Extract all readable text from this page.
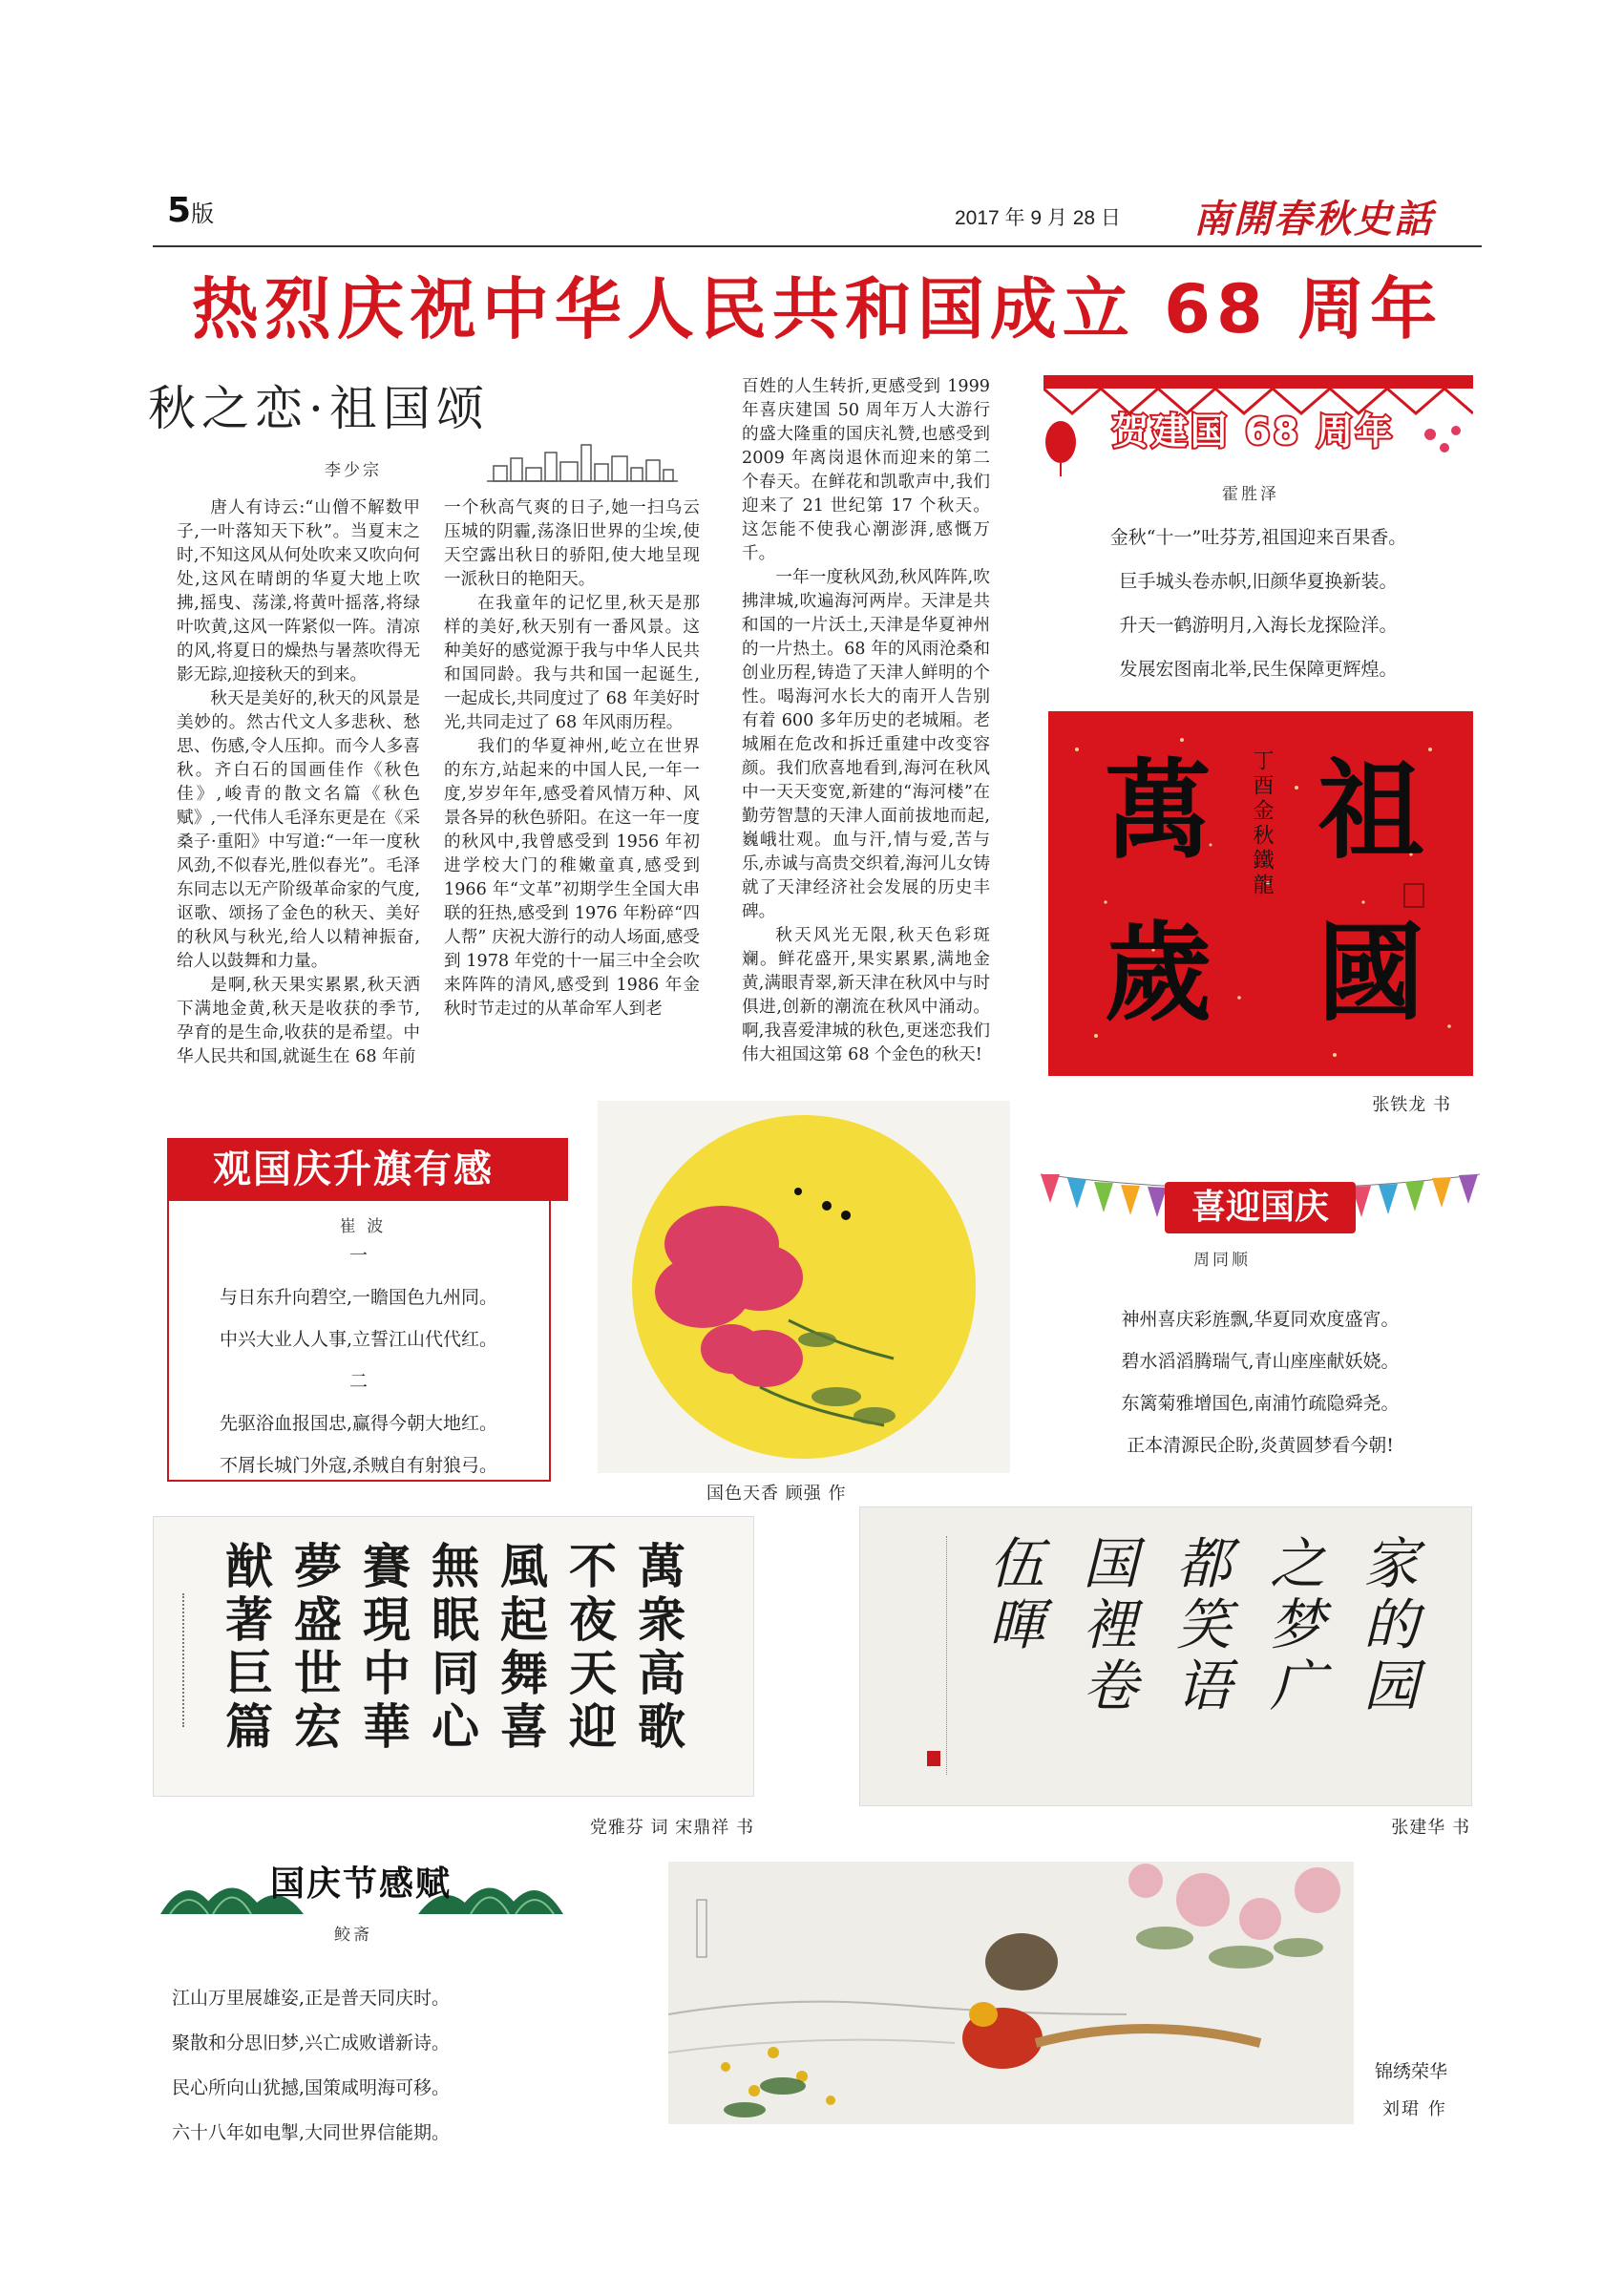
5版	2017 年 9 月 28 日 南開春秋史話
热烈庆祝中华人民共和国成立 68 周年
秋之恋·祖国颂
李少宗

唐人有诗云:“山僧不解数甲子,一叶落知天下秋”。当夏末之时,不知这风从何处吹来又吹向何处,这风在晴朗的华夏大地上吹拂,摇曳、荡漾,将黄叶摇落,将绿叶吹黄,这风一阵紧似一阵。清凉的风,将夏日的燥热与暑蒸吹得无影无踪,迎接秋天的到来。

秋天是美好的,秋天的风景是美妙的。然古代文人多悲秋、愁思、伤感,令人压抑。而今人多喜秋。齐白石的国画佳作《秋色佳》,峻青的散文名篇《秋色赋》,一代伟人毛泽东更是在《采桑子·重阳》中写道:“一年一度秋风劲,不似春光,胜似春光”。毛泽东同志以无产阶级革命家的气度,讴歌、颂扬了金色的秋天、美好的秋风与秋光,给人以精神振奋,给人以鼓舞和力量。

是啊,秋天果实累累,秋天洒下满地金黄,秋天是收获的季节,孕育的是生命,收获的是希望。中华人民共和国,就诞生在 68 年前

一个秋高气爽的日子,她一扫乌云压城的阴霾,荡涤旧世界的尘埃,使天空露出秋日的骄阳,使大地呈现一派秋日的艳阳天。

在我童年的记忆里,秋天是那样的美好,秋天别有一番风景。这种美好的感觉源于我与中华人民共和国同龄。我与共和国一起诞生,一起成长,共同度过了 68 年美好时光,共同走过了 68 年风雨历程。

我们的华夏神州,屹立在世界的东方,站起来的中国人民,一年一度,岁岁年年,感受着风情万种、风景各异的秋色骄阳。在这一年一度的秋风中,我曾感受到 1956 年初进学校大门的稚嫩童真,感受到 1966 年“文革”初期学生全国大串联的狂热,感受到 1976 年粉碎“四人帮” 庆祝大游行的动人场面,感受到 1978 年党的十一届三中全会吹来阵阵的清风,感受到 1986 年金秋时节走过的从革命军人到老

百姓的人生转折,更感受到 1999 年喜庆建国 50 周年万人大游行的盛大隆重的国庆礼赞,也感受到 2009 年离岗退休而迎来的第二个春天。在鲜花和凯歌声中,我们迎来了 21 世纪第 17 个秋天。这怎能不使我心潮澎湃,感慨万千。

一年一度秋风劲,秋风阵阵,吹拂津城,吹遍海河两岸。天津是共和国的一片沃土,天津是华夏神州的一片热土。68 年的风雨沧桑和创业历程,铸造了天津人鲜明的个性。喝海河水长大的南开人告别有着 600 多年历史的老城厢。老城厢在危改和拆迁重建中改变容颜。我们欣喜地看到,海河在秋风中一天天变宽,新建的“海河楼”在勤劳智慧的天津人面前拔地而起,巍峨壮观。血与汗,情与爱,苦与乐,赤诚与高贵交织着,海河儿女铸就了天津经济社会发展的历史丰碑。

秋天风光无限,秋天色彩斑斓。鲜花盛开,果实累累,满地金黄,满眼青翠,新天津在秋风中与时俱进,创新的潮流在秋风中涌动。啊,我喜爱津城的秋色,更迷恋我们伟大祖国这第 68 个金色的秋天!

贺建国 68 周年
霍胜泽
金秋“十一”吐芬芳,祖国迎来百果香。
巨手城头卷赤帜,旧颜华夏换新装。
升天一鹤游明月,入海长龙探险洋。
发展宏图南北举,民生保障更辉煌。
祖國
萬歲
丁酉金秋鐵龍
张铁龙 书
观国庆升旗有感
崔 波
一
与日东升向碧空,一瞻国色九州同。
中兴大业人人事,立誓江山代代红。
二
先驱浴血报国忠,赢得今朝大地红。
不屑长城门外寇,杀贼自有射狼弓。
国色天香 顾强 作
喜迎国庆
周同顺
神州喜庆彩旌飘,华夏同欢度盛宵。
碧水滔滔腾瑞气,青山座座献妖娆。
东篱菊雅增国色,南浦竹疏隐舜尧。
正本清源民企盼,炎黄圆梦看今朝!
萬衆高歌
不夜天迎
風起舞喜
無眠同心
賽現中華
夢盛世宏
猷著巨篇
党雅芬 词 宋鼎祥 书
家的园
之梦广
都笑语
国裡卷
伍暉
张建华 书
国庆节感赋
鲛斋
江山万里展雄姿,正是普天同庆时。
聚散和分思旧梦,兴亡成败谱新诗。
民心所向山犹撼,国策咸明海可移。
六十八年如电掣,大同世界信能期。
锦绣荣华
刘珺 作
